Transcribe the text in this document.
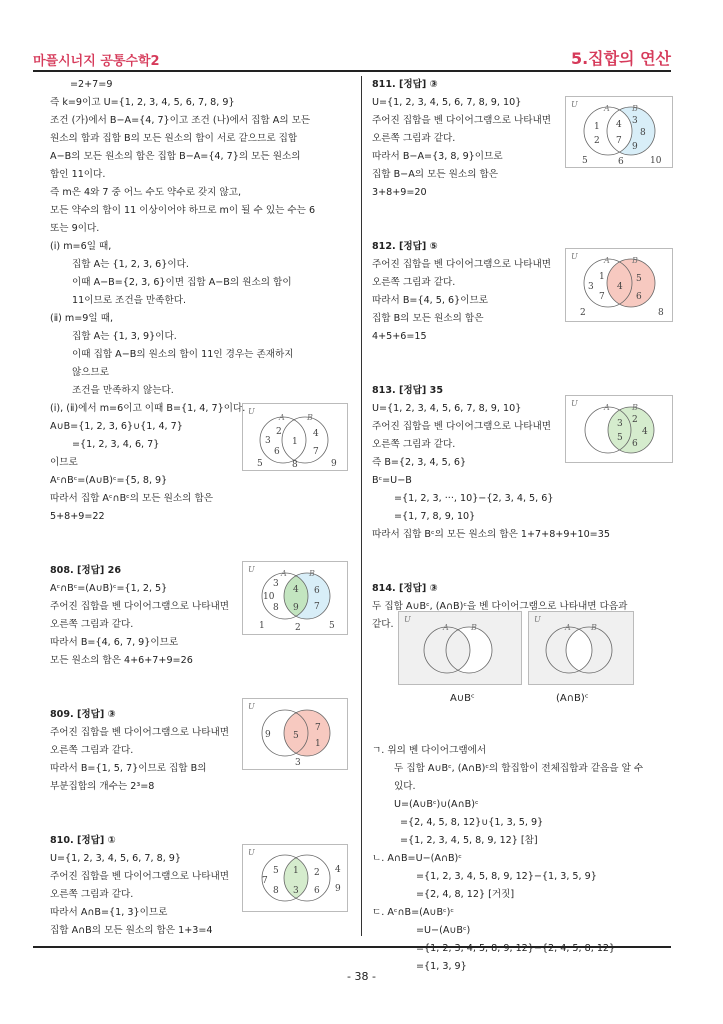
마플시너지 공통수학2	5.집합의 연산
=2+7=9
즉 k=9이고 U={1, 2, 3, 4, 5, 6, 7, 8, 9}
조건 (가)에서 B−A={4, 7}이고 조건 (나)에서 집합 A의 모든
원소의 합과 집합 B의 모든 원소의 합이 서로 같으므로 집합
A−B의 모든 원소의 합은 집합 B−A={4, 7}의 모든 원소의
합인 11이다.
즉 m은 4와 7 중 어느 수도 약수로 갖지 않고,
모든 약수의 합이 11 이상이어야 하므로 m이 될 수 있는 수는 6
또는 9이다.
(ⅰ) m=6일 때,
집합 A는 {1, 2, 3, 6}이다.
이때 A−B={2, 3, 6}이면 집합 A−B의 원소의 합이
11이므로 조건을 만족한다.
(ⅱ) m=9일 때,
집합 A는 {1, 3, 9}이다.
이때 집합 A−B의 원소의 합이 11인 경우는 존재하지
않으므로
조건을 만족하지 않는다.
(ⅰ), (ⅱ)에서 m=6이고 이때 B={1, 4, 7}이다.
A∪B={1, 2, 3, 6}∪{1, 4, 7}
={1, 2, 3, 4, 6, 7}
이므로
Aᶜ∩Bᶜ=(A∪B)ᶜ={5, 8, 9}
따라서 집합 Aᶜ∩Bᶜ의 모든 원소의 합은
5+8+9=22
808. [정답] 26
Aᶜ∩Bᶜ=(A∪B)ᶜ={1, 2, 5}
주어진 집합을 벤 다이어그램으로 나타내면
오른쪽 그림과 같다.
따라서 B={4, 6, 7, 9}이므로
모든 원소의 합은 4+6+7+9=26
809. [정답] ③
주어진 집합을 벤 다이어그램으로 나타내면
오른쪽 그림과 같다.
따라서 B={1, 5, 7}이므로 집합 B의
부분집합의 개수는 2³=8
810. [정답] ①
U={1, 2, 3, 4, 5, 6, 7, 8, 9}
주어진 집합을 벤 다이어그램으로 나타내면
오른쪽 그림과 같다.
따라서 A∩B={1, 3}이므로
집합 A∩B의 모든 원소의 합은 1+3=4
811. [정답] ③
U={1, 2, 3, 4, 5, 6, 7, 8, 9, 10}
주어진 집합을 벤 다이어그램으로 나타내면
오른쪽 그림과 같다.
따라서 B−A={3, 8, 9}이므로
집합 B−A의 모든 원소의 합은
3+8+9=20
812. [정답] ⑤
주어진 집합을 벤 다이어그램으로 나타내면
오른쪽 그림과 같다.
따라서 B={4, 5, 6}이므로
집합 B의 모든 원소의 합은
4+5+6=15
813. [정답] 35
U={1, 2, 3, 4, 5, 6, 7, 8, 9, 10}
주어진 집합을 벤 다이어그램으로 나타내면
오른쪽 그림과 같다.
즉 B={2, 3, 4, 5, 6}
Bᶜ=U−B
={1, 2, 3, ···, 10}−{2, 3, 4, 5, 6}
={1, 7, 8, 9, 10}
따라서 집합 Bᶜ의 모든 원소의 합은 1+7+8+9+10=35
814. [정답] ③
두 집합 A∪Bᶜ, (A∩B)ᶜ을 벤 다이어그램으로 나타내면 다음과
같다.
ㄱ. 위의 벤 다이어그램에서
두 집합 A∪Bᶜ, (A∩B)ᶜ의 합집합이 전체집합과 같음을 알 수
있다.
U=(A∪Bᶜ)∪(A∩B)ᶜ
={2, 4, 5, 8, 12}∪{1, 3, 5, 9}
={1, 2, 3, 4, 5, 8, 9, 12} [참]
ㄴ. A∩B=U−(A∩B)ᶜ
={1, 2, 3, 4, 5, 8, 9, 12}−{1, 3, 5, 9}
={2, 4, 8, 12} [거짓]
ㄷ. Aᶜ∩B=(A∪Bᶜ)ᶜ
=U−(A∪Bᶜ)
={1, 2, 3, 4, 5, 8, 9, 12}−{2, 4, 5, 8, 12}
={1, 3, 9}
U
A	B
3
2
6
1
4
7
5	8	9
U	A	B
3
10
8
4 6
9 7
1	2	5
U
9 5
7
1
3
U
5
7
8
1
3
2
6
4
9
U	A	B
1
2
4
7
3
8
9
5	6	10
U	A	B
1
3
7
4
5
6
2	8
U	A	B
3 2
4
5
6
U
A	B
U
A	B
A∪Bᶜ	(A∩B)ᶜ
- 38 -
